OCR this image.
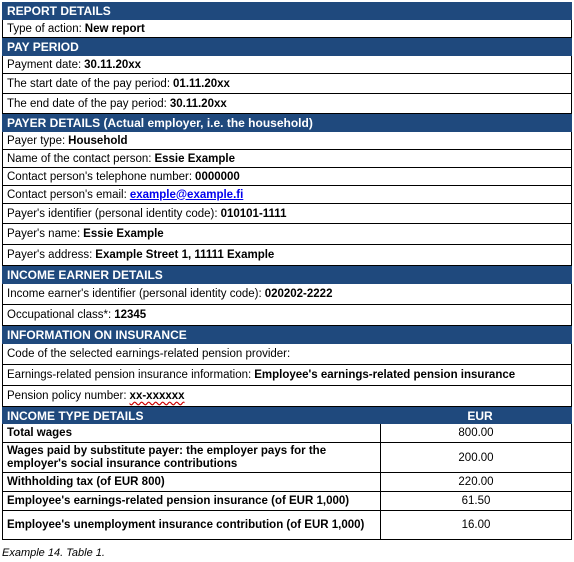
REPORT DETAILS
Type of action: New report
PAY PERIOD
Payment date: 30.11.20xx
The start date of the pay period: 01.11.20xx
The end date of the pay period: 30.11.20xx
PAYER DETAILS (Actual employer, i.e. the household)
Payer type: Household
Name of the contact person: Essie Example
Contact person's telephone number: 0000000
Contact person's email: example@example.fi
Payer's identifier (personal identity code): 010101-1111
Payer's name: Essie Example
Payer's address: Example Street 1, 11111 Example
INCOME EARNER DETAILS
Income earner's identifier (personal identity code): 020202-2222
Occupational class*: 12345
INFORMATION ON INSURANCE
Code of the selected earnings-related pension provider:
Earnings-related pension insurance information: Employee's earnings-related pension insurance
Pension policy number: xx-xxxxxx
INCOME TYPE DETAILS	EUR
Total wages	800.00
Wages paid by substitute payer: the employer pays for the employer's social insurance contributions	200.00
Withholding tax (of EUR 800)	220.00
Employee's earnings-related pension insurance (of EUR 1,000)	61.50
Employee's unemployment insurance contribution (of EUR 1,000)	16.00
Example 14. Table 1.
